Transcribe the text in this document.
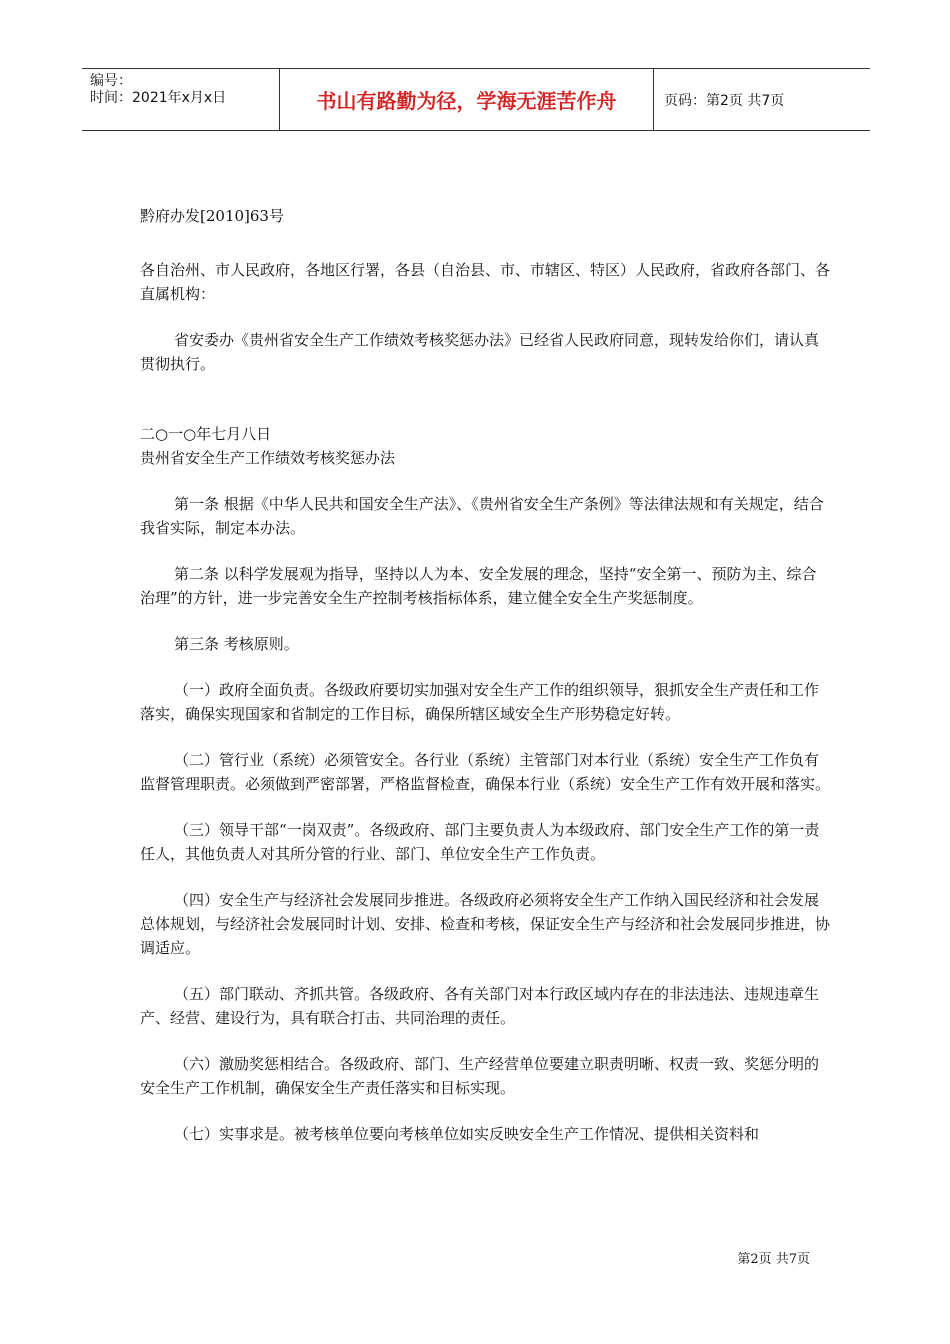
编号：
时间：2021年x月x日	书山有路勤为径，学海无涯苦作舟	页码：第2页 共7页

黔府办发[2010]63号

各自治州、市人民政府，各地区行署，各县（自治县、市、市辖区、特区）人民政府，省政府各部门、各直属机构：

省安委办《贵州省安全生产工作绩效考核奖惩办法》已经省人民政府同意，现转发给你们，请认真贯彻执行。

二○一○年七月八日

贵州省安全生产工作绩效考核奖惩办法

第一条 根据《中华人民共和国安全生产法》、《贵州省安全生产条例》等法律法规和有关规定，结合我省实际，制定本办法。

第二条 以科学发展观为指导，坚持以人为本、安全发展的理念，坚持“安全第一、预防为主、综合治理”的方针，进一步完善安全生产控制考核指标体系，建立健全安全生产奖惩制度。

第三条 考核原则。

（一）政府全面负责。各级政府要切实加强对安全生产工作的组织领导，狠抓安全生产责任和工作落实，确保实现国家和省制定的工作目标，确保所辖区域安全生产形势稳定好转。

（二）管行业（系统）必须管安全。各行业（系统）主管部门对本行业（系统）安全生产工作负有监督管理职责。必须做到严密部署，严格监督检查，确保本行业（系统）安全生产工作有效开展和落实。

（三）领导干部“一岗双责”。各级政府、部门主要负责人为本级政府、部门安全生产工作的第一责任人，其他负责人对其所分管的行业、部门、单位安全生产工作负责。

（四）安全生产与经济社会发展同步推进。各级政府必须将安全生产工作纳入国民经济和社会发展总体规划，与经济社会发展同时计划、安排、检查和考核，保证安全生产与经济和社会发展同步推进，协调适应。

（五）部门联动、齐抓共管。各级政府、各有关部门对本行政区域内存在的非法违法、违规违章生产、经营、建设行为，具有联合打击、共同治理的责任。

（六）激励奖惩相结合。各级政府、部门、生产经营单位要建立职责明晰、权责一致、奖惩分明的安全生产工作机制，确保安全生产责任落实和目标实现。

（七）实事求是。被考核单位要向考核单位如实反映安全生产工作情况、提供相关资料和

第2页 共7页
